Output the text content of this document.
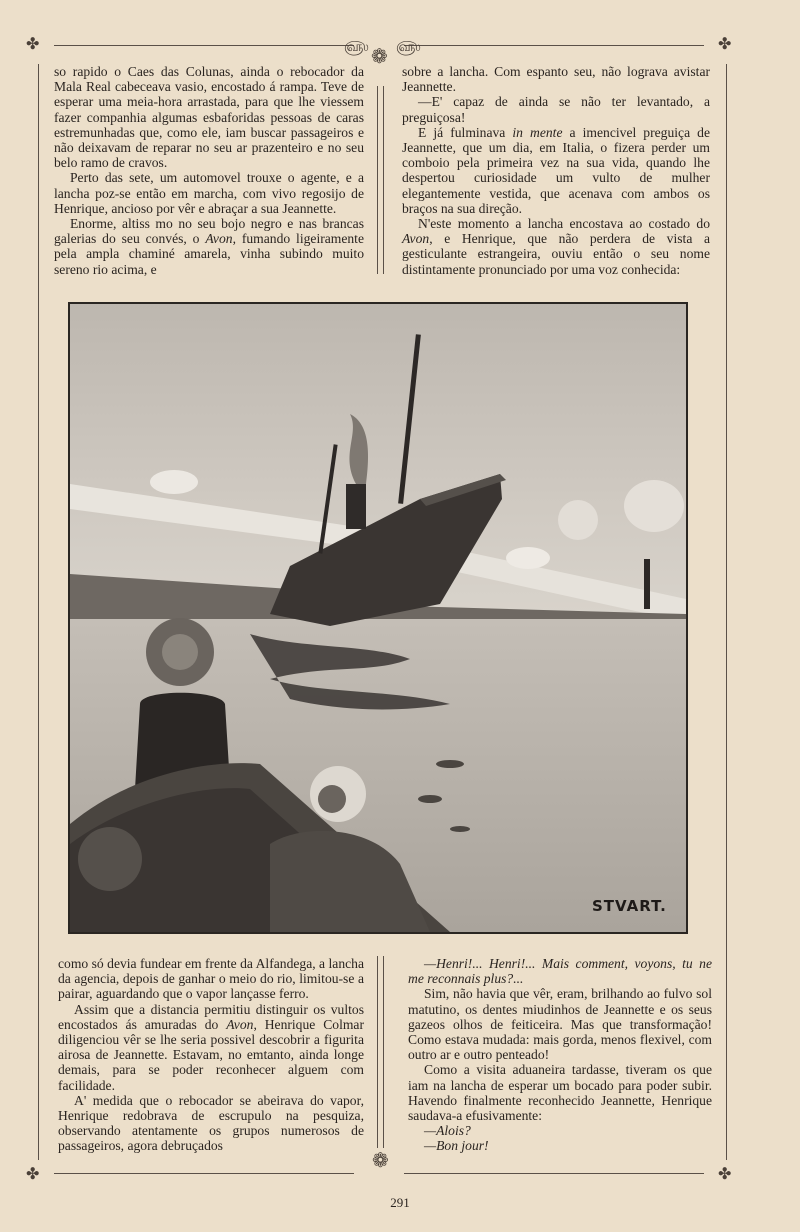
✤	✤
✤	✤
❁
❁
௵ ௵

so rapido o Caes das Colunas, ainda o rebocador da Mala Real cabeceava vasio, encostado á rampa. Teve de esperar uma meia-hora arrastada, para que lhe viessem fazer companhia algumas esbaforidas pessoas de caras estremunhadas que, como ele, iam buscar passageiros e não deixavam de reparar no seu ar prazenteiro e no seu belo ramo de cravos.

Perto das sete, um automovel trouxe o agente, e a lancha poz-se então em marcha, com vivo regosijo de Henrique, ancioso por vêr e abraçar a sua Jeannette.

Enorme, altiss mo no seu bojo negro e nas brancas galerias do seu convés, o Avon, fumando ligeiramente pela ampla chaminé amarela, vinha subindo muito sereno rio acima, e

sobre a lancha. Com espanto seu, não lograva avistar Jeannette.

—E' capaz de ainda se não ter levantado, a preguiçosa!

E já fulminava in mente a imencivel preguiça de Jeannette, que um dia, em Italia, o fizera perder um comboio pela primeira vez na sua vida, quando lhe despertou curiosidade um vulto de mulher elegantemente vestida, que acenava com ambos os braços na sua direção.

N'este momento a lancha encostava ao costado do Avon, e Henrique, que não perdera de vista a gesticulante estrangeira, ouviu então o seu nome distintamente pronunciado por uma voz conhecida:

STVART.

como só devia fundear em frente da Alfandega, a lancha da agencia, depois de ganhar o meio do rio, limitou-se a pairar, aguardando que o vapor lançasse ferro.

Assim que a distancia permitiu distinguir os vultos encostados ás amuradas do Avon, Henrique Colmar diligenciou vêr se lhe seria possivel descobrir a figurita airosa de Jeannette. Estavam, no emtanto, ainda longe demais, para se poder reconhecer alguem com facilidade.

A' medida que o rebocador se abeirava do vapor, Henrique redobrava de escrupulo na pesquiza, observando atentamente os grupos numerosos de passageiros, agora debruçados

—Henri!... Henri!... Mais comment, voyons, tu ne me reconnais plus?...

Sim, não havia que vêr, eram, brilhando ao fulvo sol matutino, os dentes miudinhos de Jeannette e os seus gazeos olhos de feiticeira. Mas que transformação! Como estava mudada: mais gorda, menos flexivel, com outro ar e outro penteado!

Como a visita aduaneira tardasse, tiveram os que iam na lancha de esperar um bocado para poder subir. Havendo finalmente reconhecido Jeannette, Henrique saudava-a efusivamente:

—Alois?

—Bon jour!

291
